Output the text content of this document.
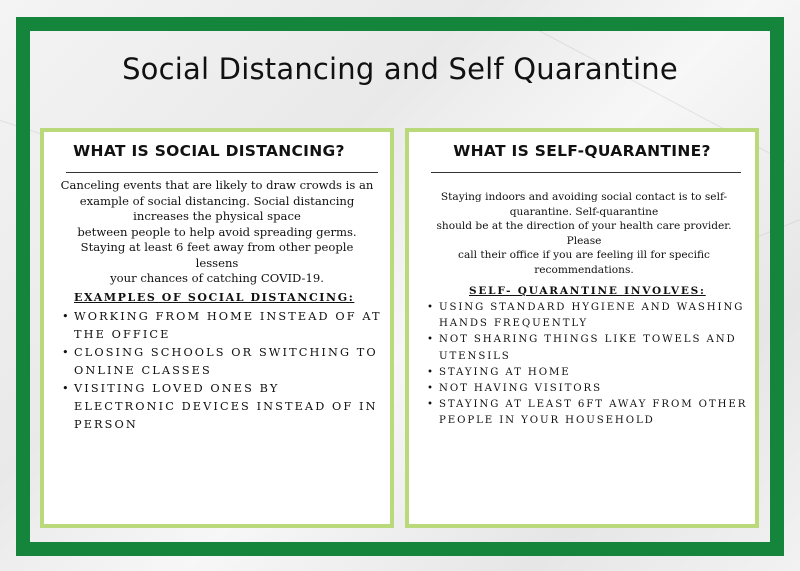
Social Distancing and Self Quarantine
WHAT IS SOCIAL DISTANCING?
Canceling events that are likely to draw crowds is an
example of social distancing. Social distancing
increases the physical space
between people to help avoid spreading germs.
Staying at least 6 feet away from other people lessens
your chances of catching COVID-19.
EXAMPLES OF SOCIAL DISTANCING:
• WORKING FROM HOME INSTEAD OF AT THE OFFICE
• CLOSING SCHOOLS OR SWITCHING TO ONLINE CLASSES
• VISITING LOVED ONES BY ELECTRONIC DEVICES INSTEAD OF IN PERSON
WHAT IS SELF-QUARANTINE?
Staying indoors and avoiding social contact is to self-
quarantine. Self-quarantine
should be at the direction of your health care provider. Please
call their office if you are feeling ill for specific
recommendations.
SELF- QUARANTINE INVOLVES:
• USING STANDARD HYGIENE AND WASHING HANDS FREQUENTLY
• NOT SHARING THINGS LIKE TOWELS AND UTENSILS
• STAYING AT HOME
• NOT HAVING VISITORS
• STAYING AT LEAST 6FT AWAY FROM OTHER PEOPLE IN YOUR HOUSEHOLD
